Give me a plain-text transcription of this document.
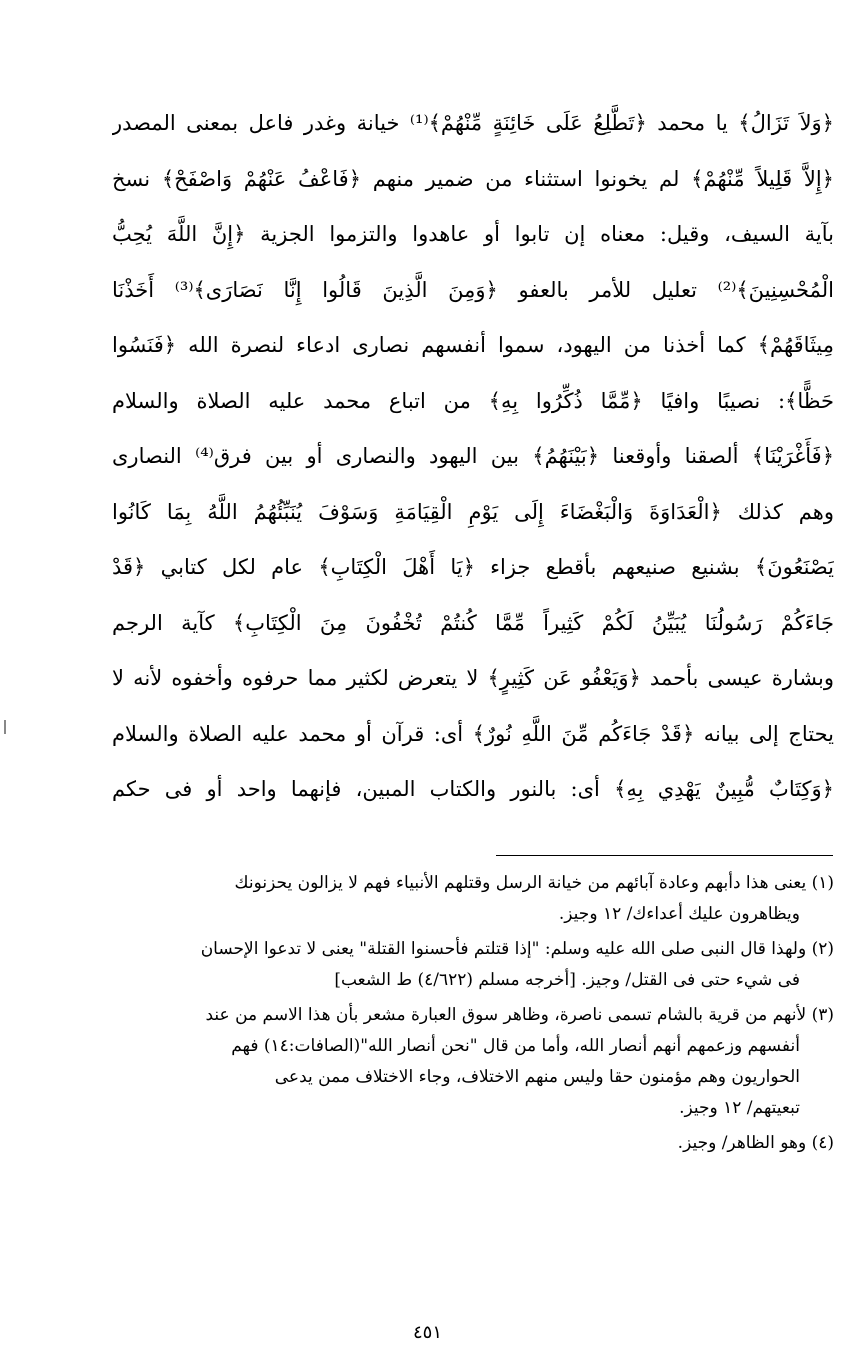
﴿وَلاَ تَزَالُ﴾ يا محمد ﴿تَطَّلِعُ عَلَى خَائِنَةٍ مِّنْهُمْ﴾⁽¹⁾ خيانة وغدر فاعل بمعنى المصدر
﴿إِلاَّ قَلِيلاً مِّنْهُمْ﴾ لم يخونوا استثناء من ضمير منهم ﴿فَاعْفُ عَنْهُمْ وَاصْفَحْ﴾ نسخ
بآية السيف، وقيل: معناه إن تابوا أو عاهدوا والتزموا الجزية ﴿إِنَّ اللَّهَ يُحِبُّ
الْمُحْسِنِينَ﴾⁽²⁾ تعليل للأمر بالعفو ﴿وَمِنَ الَّذِينَ قَالُوا إِنَّا نَصَارَى﴾⁽³⁾ أَخَذْنَا
مِيثَاقَهُمْ﴾ كما أخذنا من اليهود، سموا أنفسهم نصارى ادعاء لنصرة الله ﴿فَنَسُوا
حَظًّا﴾: نصيبًا وافيًا ﴿مِّمَّا ذُكِّرُوا بِهِ﴾ من اتباع محمد عليه الصلاة والسلام
﴿فَأَغْرَيْنَا﴾ ألصقنا وأوقعنا ﴿بَيْنَهُمُ﴾ بين اليهود والنصارى أو بين فرق⁽⁴⁾ النصارى
وهم كذلك ﴿الْعَدَاوَةَ وَالْبَغْضَاءَ إِلَى يَوْمِ الْقِيَامَةِ وَسَوْفَ يُنَبِّئُهُمُ اللَّهُ بِمَا كَانُوا
يَصْنَعُونَ﴾ بشنيع صنيعهم بأقطع جزاء ﴿يَا أَهْلَ الْكِتَابِ﴾ عام لكل كتابي ﴿قَدْ
جَاءَكُمْ رَسُولُنَا يُبَيِّنُ لَكُمْ كَثِيراً مِّمَّا كُنتُمْ تُخْفُونَ مِنَ الْكِتَابِ﴾ كآية الرجم
وبشارة عيسى بأحمد ﴿وَيَعْفُو عَن كَثِيرٍ﴾ لا يتعرض لكثير مما حرفوه وأخفوه لأنه لا
يحتاج إلى بيانه ﴿قَدْ جَاءَكُم مِّنَ اللَّهِ نُورٌ﴾ أى: قرآن أو محمد عليه الصلاة والسلام
﴿وَكِتَابٌ مُّبِينٌ يَهْدِي بِهِ﴾ أى: بالنور والكتاب المبين، فإنهما واحد أو فى حكم
(١) يعنى هذا دأبهم وعادة آبائهم من خيانة الرسل وقتلهم الأنبياء فهم لا يزالون يحزنونك
ويظاهرون عليك أعداءك/ ١٢ وجيز.
(٢) ولهذا قال النبى صلى الله عليه وسلم: "إذا قتلتم فأحسنوا القتلة" يعنى لا تدعوا الإحسان
فى شيء حتى فى القتل/ وجيز. [أخرجه مسلم (٤/٦٢٢) ط الشعب]
(٣) لأنهم من قرية بالشام تسمى ناصرة، وظاهر سوق العبارة مشعر بأن هذا الاسم من عند
أنفسهم وزعمهم أنهم أنصار الله، وأما من قال "نحن أنصار الله"(الصافات:١٤) فهم
الحواريون وهم مؤمنون حقا وليس منهم الاختلاف، وجاء الاختلاف ممن يدعى
تبعيتهم/ ١٢ وجيز.
(٤) وهو الظاهر/ وجيز.
٤٥١
